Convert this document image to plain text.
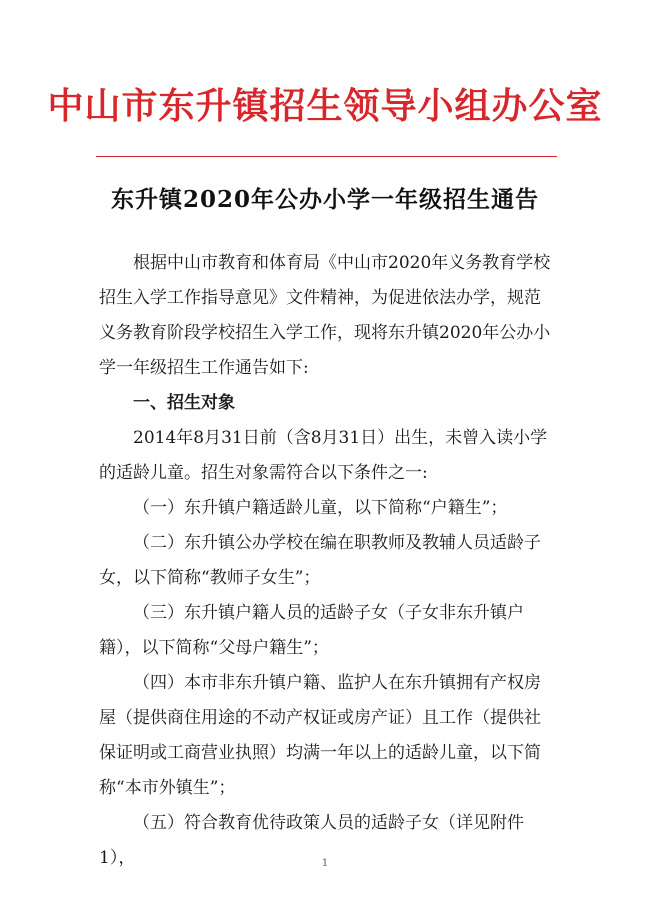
中山市东升镇招生领导小组办公室
东升镇2020年公办小学一年级招生通告

根据中山市教育和体育局《中山市2020年义务教育学校招生入学工作指导意见》文件精神，为促进依法办学，规范义务教育阶段学校招生入学工作，现将东升镇2020年公办小学一年级招生工作通告如下:

一、招生对象

2014年8月31日前（含8月31日）出生，未曾入读小学的适龄儿童。招生对象需符合以下条件之一:

（一）东升镇户籍适龄儿童，以下简称“户籍生”；

（二）东升镇公办学校在编在职教师及教辅人员适龄子女，以下简称“教师子女生”；

（三）东升镇户籍人员的适龄子女（子女非东升镇户籍），以下简称“父母户籍生”；

（四）本市非东升镇户籍、监护人在东升镇拥有产权房屋（提供商住用途的不动产权证或房产证）且工作（提供社保证明或工商营业执照）均满一年以上的适龄儿童，以下简称“本市外镇生”；

（五）符合教育优待政策人员的适龄子女（详见附件1），	1
